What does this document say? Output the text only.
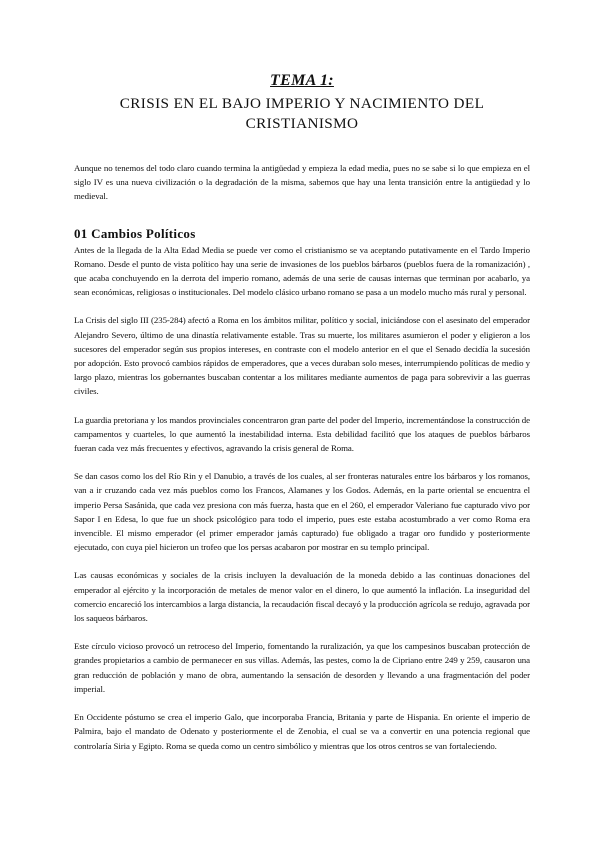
TEMA 1:
CRISIS EN EL BAJO IMPERIO Y NACIMIENTO DEL CRISTIANISMO

Aunque no tenemos del todo claro cuando termina la antigüedad y empieza la edad media, pues no se sabe si lo que empieza en el siglo IV es una nueva civilización o la degradación de la misma, sabemos que hay una lenta transición entre la antigüedad y lo medieval.

01 Cambios Políticos

Antes de la llegada de la Alta Edad Media se puede ver como el cristianismo se va aceptando putativamente en el Tardo Imperio Romano. Desde el punto de vista político hay una serie de invasiones de los pueblos bárbaros (pueblos fuera de la romanización) , que acaba conchuyendo en la derrota del imperio romano, además de una serie de causas internas que terminan por acabarlo, ya sean económicas, religiosas o institucionales. Del modelo clásico urbano romano se pasa a un modelo mucho más rural y personal.

La Crisis del siglo III (235-284) afectó a Roma en los ámbitos militar, político y social, iniciándose con el asesinato del emperador Alejandro Severo, último de una dinastía relativamente estable. Tras su muerte, los militares asumieron el poder y eligieron a los sucesores del emperador según sus propios intereses, en contraste con el modelo anterior en el que el Senado decidía la sucesión por adopción. Esto provocó cambios rápidos de emperadores, que a veces duraban solo meses, interrumpiendo políticas de medio y largo plazo, mientras los gobernantes buscaban contentar a los militares mediante aumentos de paga para sobrevivir a las guerras civiles.

La guardia pretoriana y los mandos provinciales concentraron gran parte del poder del Imperio, incrementándose la construcción de campamentos y cuarteles, lo que aumentó la inestabilidad interna. Esta debilidad facilitó que los ataques de pueblos bárbaros fueran cada vez más frecuentes y efectivos, agravando la crisis general de Roma.

Se dan casos como los del Río Rin y el Danubio, a través de los cuales, al ser fronteras naturales entre los bárbaros y los romanos, van a ir cruzando cada vez más pueblos como los Francos, Alamanes y los Godos. Además, en la parte oriental se encuentra el imperio Persa Sasánida, que cada vez presiona con más fuerza, hasta que en el 260, el emperador Valeriano fue capturado vivo por Sapor I en Edesa, lo que fue un shock psicológico para todo el imperio, pues este estaba acostumbrado a ver como Roma era invencible. El mismo emperador (el primer emperador jamás capturado) fue obligado a tragar oro fundido y posteriormente ejecutado, con cuya piel hicieron un trofeo que los persas acabaron por mostrar en su templo principal.

Las causas económicas y sociales de la crisis incluyen la devaluación de la moneda debido a las continuas donaciones del emperador al ejército y la incorporación de metales de menor valor en el dinero, lo que aumentó la inflación. La inseguridad del comercio encareció los intercambios a larga distancia, la recaudación fiscal decayó y la producción agrícola se redujo, agravada por los saqueos bárbaros.

Este círculo vicioso provocó un retroceso del Imperio, fomentando la ruralización, ya que los campesinos buscaban protección de grandes propietarios a cambio de permanecer en sus villas. Además, las pestes, como la de Cipriano entre 249 y 259, causaron una gran reducción de población y mano de obra, aumentando la sensación de desorden y llevando a una fragmentación del poder imperial.

En Occidente póstumo se crea el imperio Galo, que incorporaba Francia, Britania y parte de Hispania. En oriente el imperio de Palmira, bajo el mandato de Odenato y posteriormente el de Zenobia, el cual se va a convertir en una potencia regional que controlaría Siria y Egipto. Roma se queda como un centro simbólico y mientras que los otros centros se van fortaleciendo.
